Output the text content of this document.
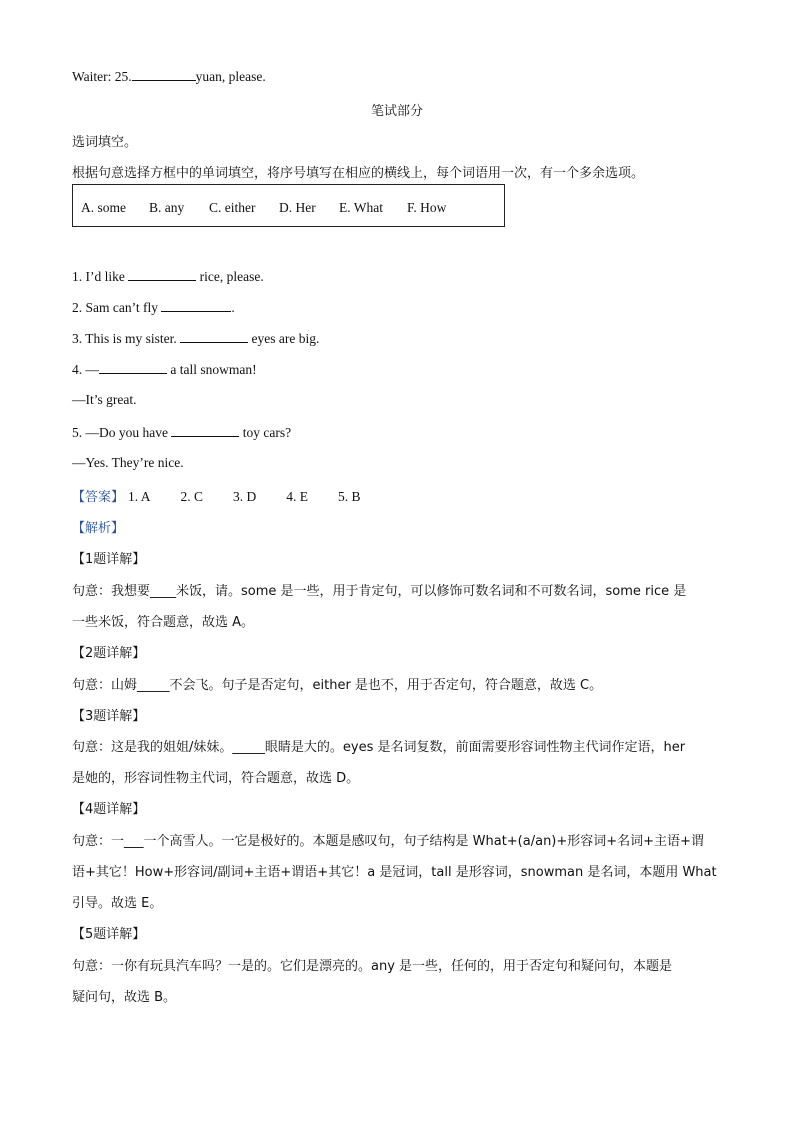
Waiter: 25.	yuan, please.
笔试部分
选词填空。
根据句意选择方框中的单词填空，将序号填写在相应的横线上，每个词语用一次，有一个多余选项。
A. some B. any C. either D. Her E. What F. How
1. I’d like	rice, please.
2. Sam can’t fly	.
3. This is my sister.	eyes are big.
4. —	a tall snowman!
—It’s great.
5. —Do you have	toy cars?
—Yes. They’re nice.
【答案】 1. A 2. C 3. D 4. E 5. B
【解析】
【1题详解】
句意：我想要____米饭，请。some 是一些，用于肯定句，可以修饰可数名词和不可数名词，some rice 是
一些米饭，符合题意，故选 A。
【2题详解】
句意：山姆_____不会飞。句子是否定句，either 是也不，用于否定句，符合题意，故选 C。
【3题详解】
句意：这是我的姐姐/妹妹。_____眼睛是大的。eyes 是名词复数，前面需要形容词性物主代词作定语，her
是她的，形容词性物主代词，符合题意，故选 D。
【4题详解】
句意：一___一个高雪人。一它是极好的。本题是感叹句，句子结构是 What+(a/an)+形容词+名词+主语+谓
语+其它！How+形容词/副词+主语+谓语+其它！a 是冠词，tall 是形容词，snowman 是名词，本题用 What
引导。故选 E。
【5题详解】
句意：一你有玩具汽车吗？一是的。它们是漂亮的。any 是一些，任何的，用于否定句和疑问句，本题是
疑问句，故选 B。
